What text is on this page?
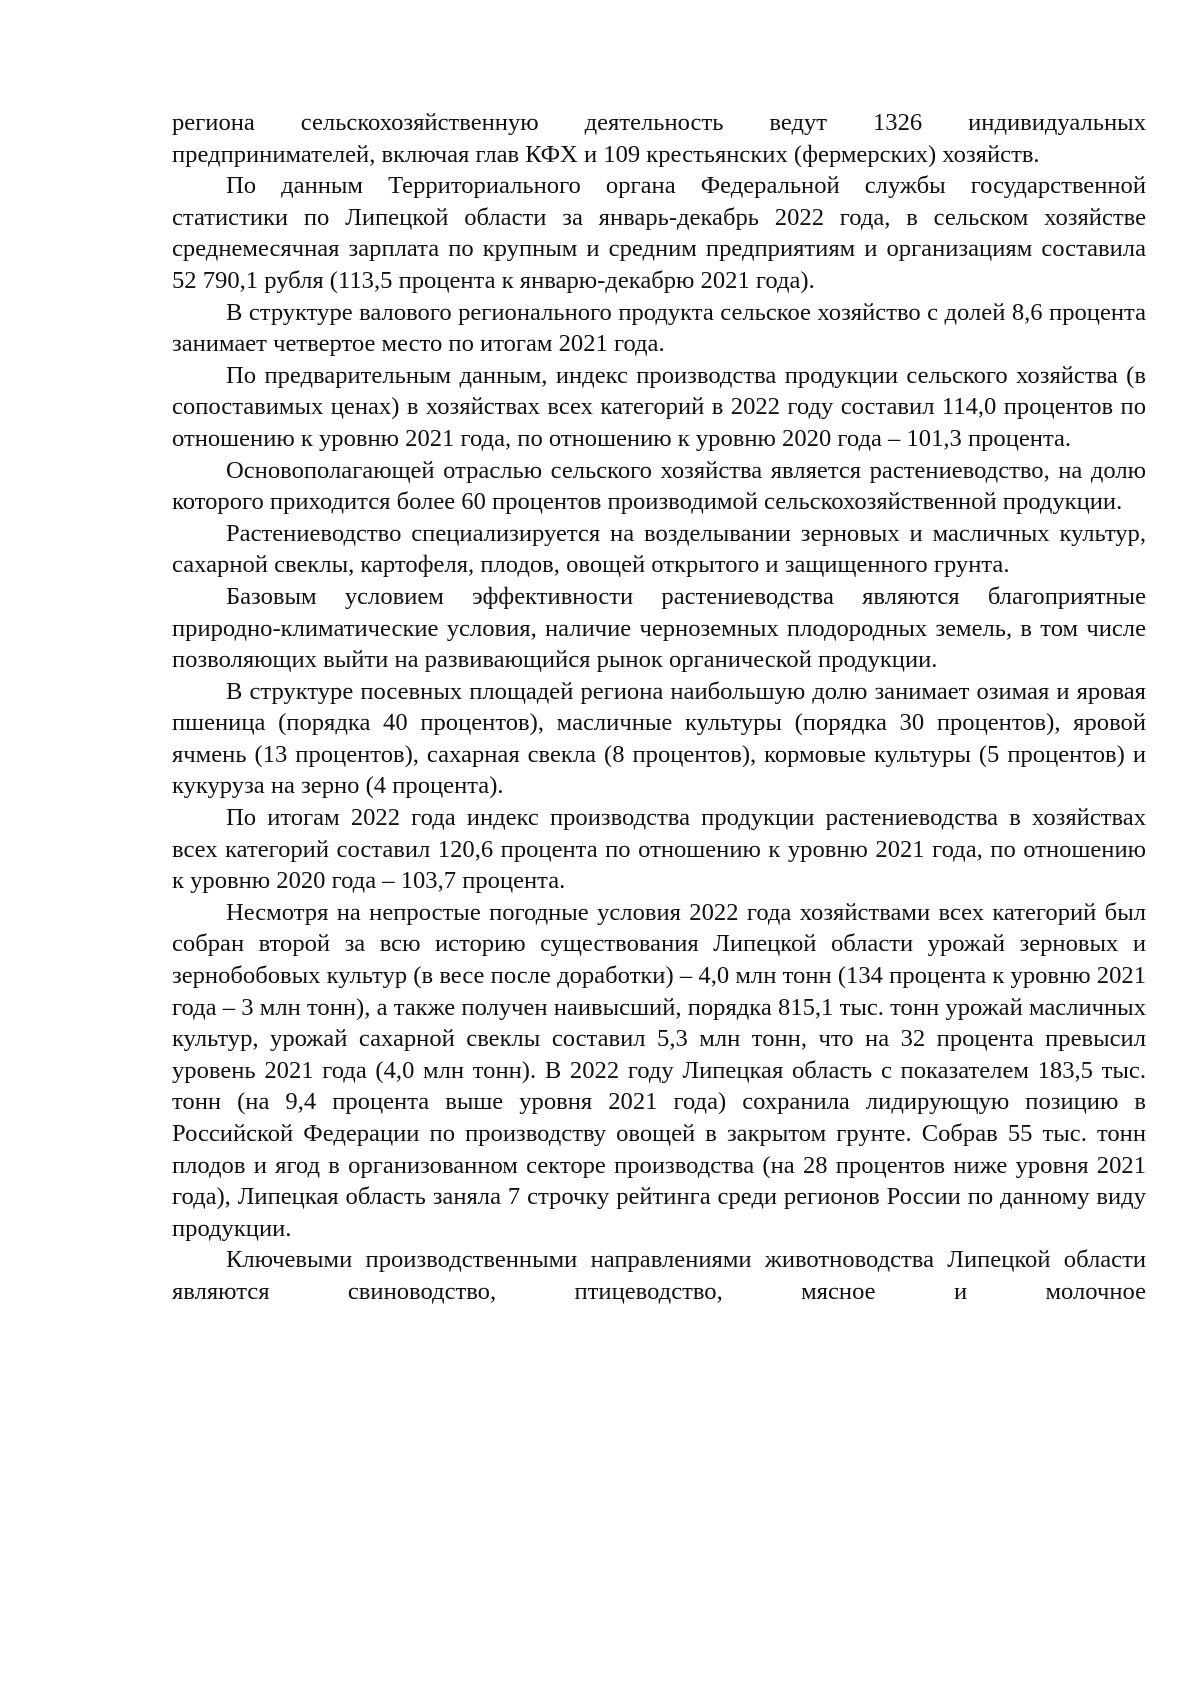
региона сельскохозяйственную деятельность ведут 1326 индивидуальных предпринимателей, включая глав КФХ и 109 крестьянских (фермерских) хозяйств.

По данным Территориального органа Федеральной службы государственной статистики по Липецкой области за январь-декабрь 2022 года, в сельском хозяйстве среднемесячная зарплата по крупным и средним предприятиям и организациям составила 52 790,1 рубля (113,5 процента к январю-декабрю 2021 года).

В структуре валового регионального продукта сельское хозяйство с долей 8,6 процента занимает четвертое место по итогам 2021 года.

По предварительным данным, индекс производства продукции сельского хозяйства (в сопоставимых ценах) в хозяйствах всех категорий в 2022 году составил 114,0 процентов по отношению к уровню 2021 года, по отношению к уровню 2020 года – 101,3 процента.

Основополагающей отраслью сельского хозяйства является растениеводство, на долю которого приходится более 60 процентов производимой сельскохозяйственной продукции.

Растениеводство специализируется на возделывании зерновых и масличных культур, сахарной свеклы, картофеля, плодов, овощей открытого и защищенного грунта.

Базовым условием эффективности растениеводства являются благоприятные природно-климатические условия, наличие черноземных плодородных земель, в том числе позволяющих выйти на развивающийся рынок органической продукции.

В структуре посевных площадей региона наибольшую долю занимает озимая и яровая пшеница (порядка 40 процентов), масличные культуры (порядка 30 процентов), яровой ячмень (13 процентов), сахарная свекла (8 процентов), кормовые культуры (5 процентов) и кукуруза на зерно (4 процента).

По итогам 2022 года индекс производства продукции растениеводства в хозяйствах всех категорий составил 120,6 процента по отношению к уровню 2021 года, по отношению к уровню 2020 года – 103,7 процента.

Несмотря на непростые погодные условия 2022 года хозяйствами всех категорий был собран второй за всю историю существования Липецкой области урожай зерновых и зернобобовых культур (в весе после доработки) – 4,0 млн тонн (134 процента к уровню 2021 года – 3 млн тонн), а также получен наивысший, порядка 815,1 тыс. тонн урожай масличных культур, урожай сахарной свеклы составил 5,3 млн тонн, что на 32 процента превысил уровень 2021 года (4,0 млн тонн). В 2022 году Липецкая область с показателем 183,5 тыс. тонн (на 9,4 процента выше уровня 2021 года) сохранила лидирующую позицию в Российской Федерации по производству овощей в закрытом грунте. Собрав 55 тыс. тонн плодов и ягод в организованном секторе производства (на 28 процентов ниже уровня 2021 года), Липецкая область заняла 7 строчку рейтинга среди регионов России по данному виду продукции.

Ключевыми производственными направлениями животноводства Липецкой области являются свиноводство, птицеводство, мясное и молочное
